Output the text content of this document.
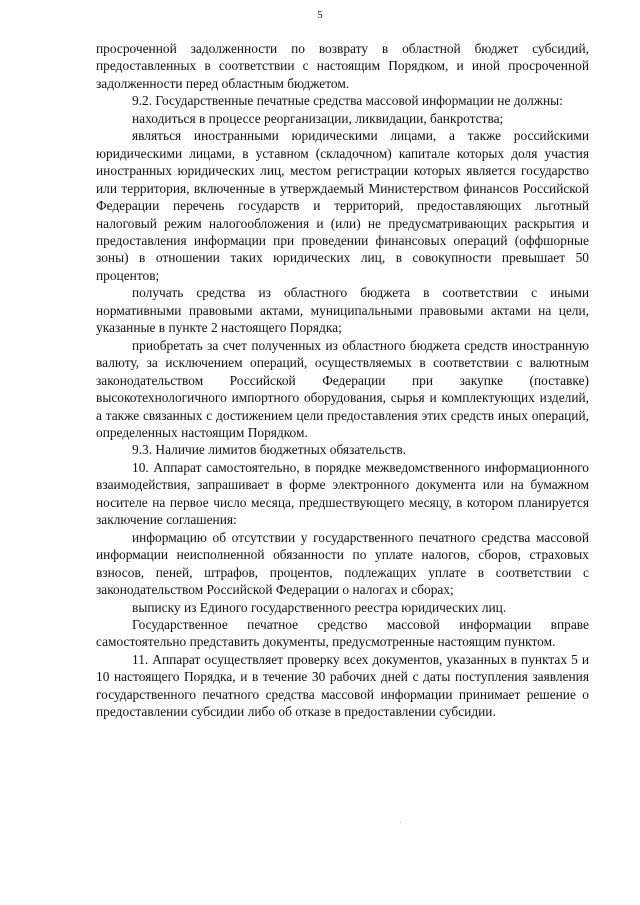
5

просроченной задолженности по возврату в областной бюджет субсидий, предоставленных в соответствии с настоящим Порядком, и иной просроченной задолженности перед областным бюджетом.

9.2. Государственные печатные средства массовой информации не должны:

находиться в процессе реорганизации, ликвидации, банкротства;

являться иностранными юридическими лицами, а также российскими юридическими лицами, в уставном (складочном) капитале которых доля участия иностранных юридических лиц, местом регистрации которых является государство или территория, включенные в утверждаемый Министерством финансов Российской Федерации перечень государств и территорий, предоставляющих льготный налоговый режим налогообложения и (или) не предусматривающих раскрытия и предоставления информации при проведении финансовых операций (оффшорные зоны) в отношении таких юридических лиц, в совокупности превышает 50 процентов;

получать средства из областного бюджета в соответствии с иными нормативными правовыми актами, муниципальными правовыми актами на цели, указанные в пункте 2 настоящего Порядка;

приобретать за счет полученных из областного бюджета средств иностранную валюту, за исключением операций, осуществляемых в соответствии с валютным законодательством Российской Федерации при закупке (поставке) высокотехнологичного импортного оборудования, сырья и комплектующих изделий, а также связанных с достижением цели предоставления этих средств иных операций, определенных настоящим Порядком.

9.3. Наличие лимитов бюджетных обязательств.

10. Аппарат самостоятельно, в порядке межведомственного информационного взаимодействия, запрашивает в форме электронного документа или на бумажном носителе на первое число месяца, предшествующего месяцу, в котором планируется заключение соглашения:

информацию об отсутствии у государственного печатного средства массовой информации неисполненной обязанности по уплате налогов, сборов, страховых взносов, пеней, штрафов, процентов, подлежащих уплате в соответствии с законодательством Российской Федерации о налогах и сборах;

выписку из Единого государственного реестра юридических лиц.

Государственное печатное средство массовой информации вправе самостоятельно представить документы, предусмотренные настоящим пунктом.

11. Аппарат осуществляет проверку всех документов, указанных в пунктах 5 и 10 настоящего Порядка, и в течение 30 рабочих дней с даты поступления заявления государственного печатного средства массовой информации принимает решение о предоставлении субсидии либо об отказе в предоставлении субсидии.
